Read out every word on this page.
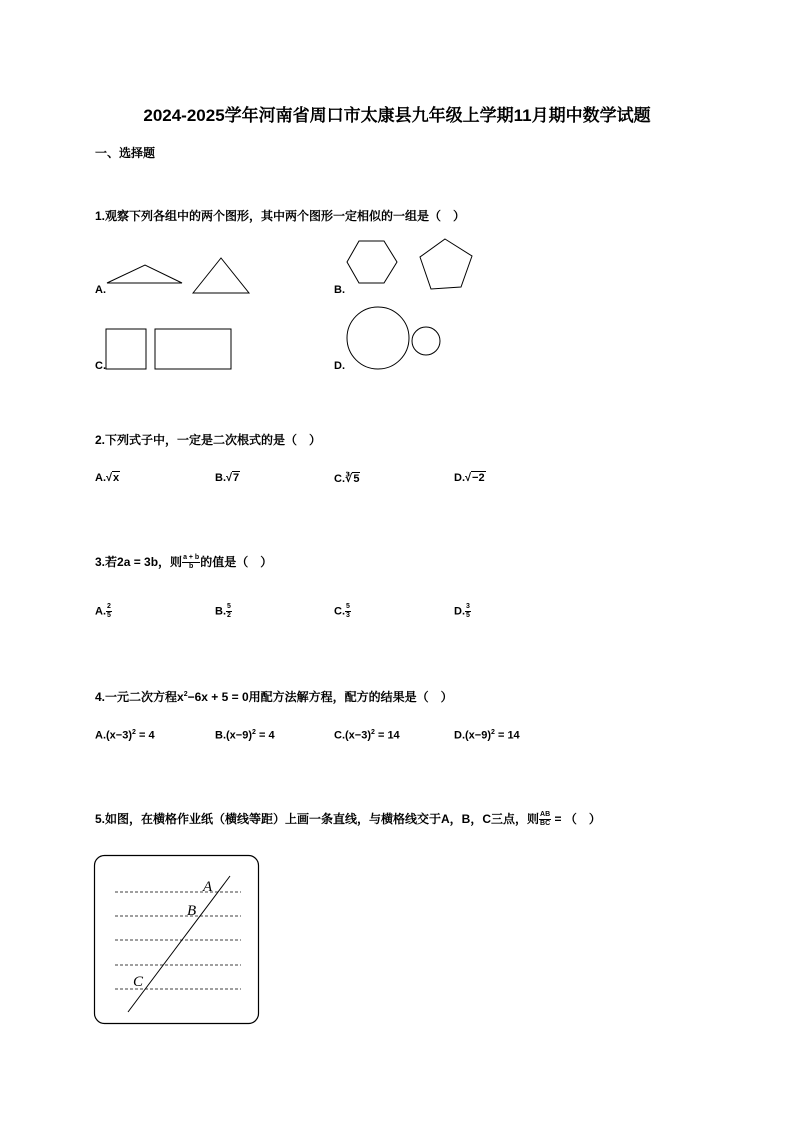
2024-2025学年河南省周口市太康县九年级上学期11月期中数学试题
一、选择题
1.观察下列各组中的两个图形，其中两个图形一定相似的一组是（　）
A.	B.
C.	D.
2.下列式子中，一定是二次根式的是（　）
A.√x	B.√7	C.∛5	D.√−2
3.若2a = 3b，则 $\frac{a + b}{b}$ 的值是（　）
A. $\frac{2}{5}$	B. $\frac{5}{2}$	C. $\frac{5}{3}$	D. $\frac{3}{5}$
4.一元二次方程$x^2-6x + 5 = 0$用配方法解方程，配方的结果是（　）
$A.(x-3)^2 = 4$	$B.(x-9)^2 = 4$	$C.(x-3)^2 = 14$	$D.(x-9)^2 = 14$
5.如图，在横格作业纸（横线等距）上画一条直线，与横格线交于A，B，C三点，则 $\frac{AB}{BC}$ = （　）
A
B
C
